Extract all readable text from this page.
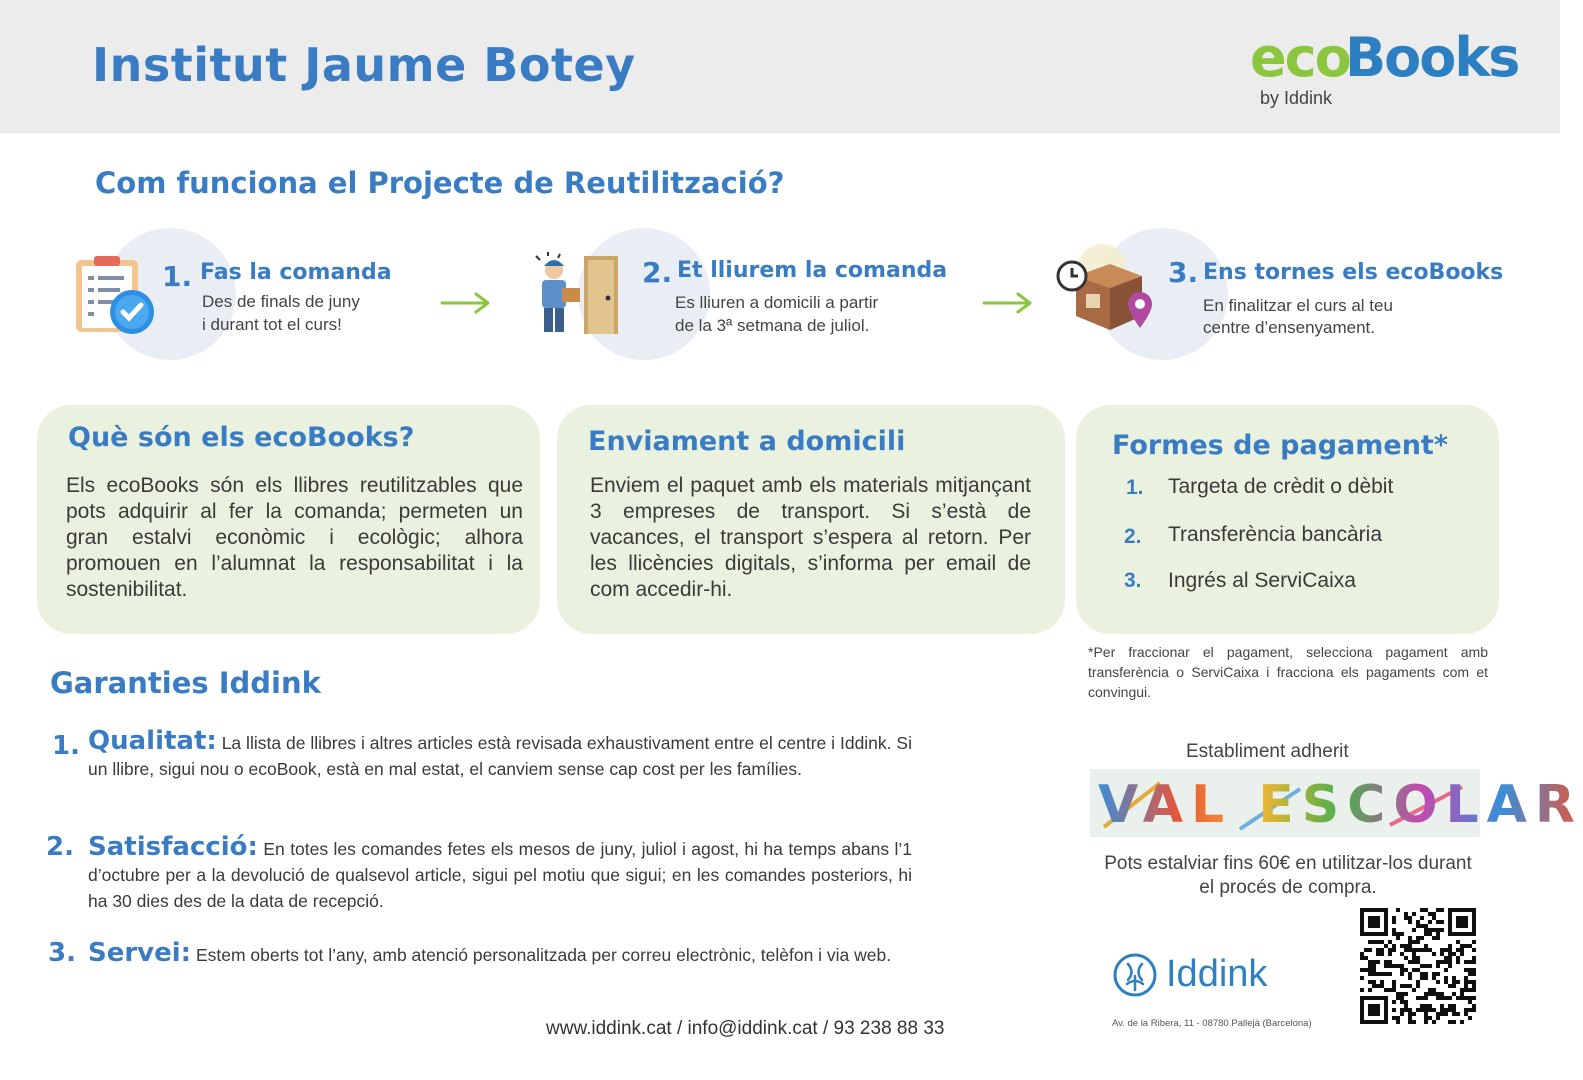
Institut Jaume Botey	eco
Books
by Iddink
Com funciona el Projecte de Reutilització?
1. Fas la comanda
Des de finals de juny
i durant tot el curs!
2. Et lliurem la comanda
Es lliuren a domicili a partir
de la 3ª setmana de juliol.
3. Ens tornes els ecoBooks
En finalitzar el curs al teu
centre d’ensenyament.
Què són els ecoBooks?
Els ecoBooks són els llibres reutilitzables que pots adquirir al fer la comanda; permeten un gran estalvi econòmic i ecològic; alhora promouen en l’alumnat la responsabilitat i la sostenibilitat.
Enviament a domicili
Enviem el paquet amb els materials mitjançant 3 empreses de transport. Si s’està de vacances, el transport s’espera al retorn. Per les llicències digitals, s’informa per email de com accedir-hi.
Formes de pagament*
1. Targeta de crèdit o dèbit
2. Transferència bancària
3. Ingrés al ServiCaixa
*Per fraccionar el pagament, selecciona pagament amb transferència o ServiCaixa i fracciona els pagaments com et convingui.
Garanties Iddink
1. Qualitat: La llista de llibres i altres articles està revisada exhaustivament entre el centre i Iddink. Si un llibre, sigui nou o ecoBook, està en mal estat, el canviem sense cap cost per les famílies.
2. Satisfacció: En totes les comandes fetes els mesos de juny, juliol i agost, hi ha temps abans l’1 d’octubre per a la devolució de qualsevol article, sigui pel motiu que sigui; en les comandes posteriors, hi ha 30 dies des de la data de recepció.
3. Servei: Estem oberts tot l’any, amb atenció personalitzada per correu electrònic, telèfon i via web.
www.iddink.cat / info@iddink.cat / 93 238 88 33
Establiment adherit
VAL ESCOLAR
Pots estalviar fins 60€ en utilitzar-los durant el procés de compra.
Iddink
Av. de la Ribera, 11 - 08780 Pallejà (Barcelona)
